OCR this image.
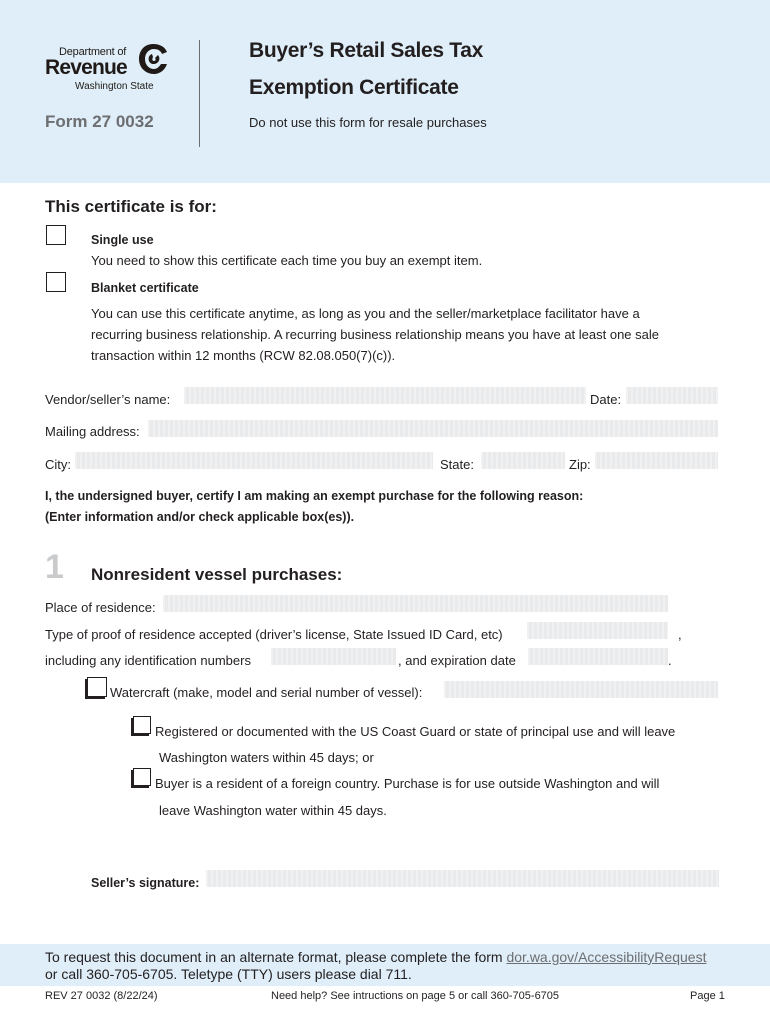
Department of
Revenue
Washington State
Form 27 0032
Buyer’s Retail Sales Tax
Exemption Certificate
Do not use this form for resale purchases
This certificate is for:
Single use
You need to show this certificate each time you buy an exempt item.
Blanket certificate
You can use this certificate anytime, as long as you and the seller/marketplace facilitator have a
recurring business relationship. A recurring business relationship means you have at least one sale
transaction within 12 months (RCW 82.08.050(7)(c)).
Vendor/seller’s name:	Date:
Mailing address:
City:	State:	Zip:
I, the undersigned buyer, certify I am making an exempt purchase for the following reason:
(Enter information and/or check applicable box(es)).
1 Nonresident vessel purchases:
Place of residence:
Type of proof of residence accepted (driver’s license, State Issued ID Card, etc)	,
including any identification numbers	, and expiration date	.
Watercraft (make, model and serial number of vessel):
Registered or documented with the US Coast Guard or state of principal use and will leave
Washington waters within 45 days; or
Buyer is a resident of a foreign country. Purchase is for use outside Washington and will
leave Washington water within 45 days.
Seller’s signature:
To request this document in an alternate format, please complete the form dor.wa.gov/AccessibilityRequest
or call 360-705-6705. Teletype (TTY) users please dial 711.
REV 27 0032 (8/22/24)	Need help? See intructions on page 5 or call 360-705-6705	Page 1
